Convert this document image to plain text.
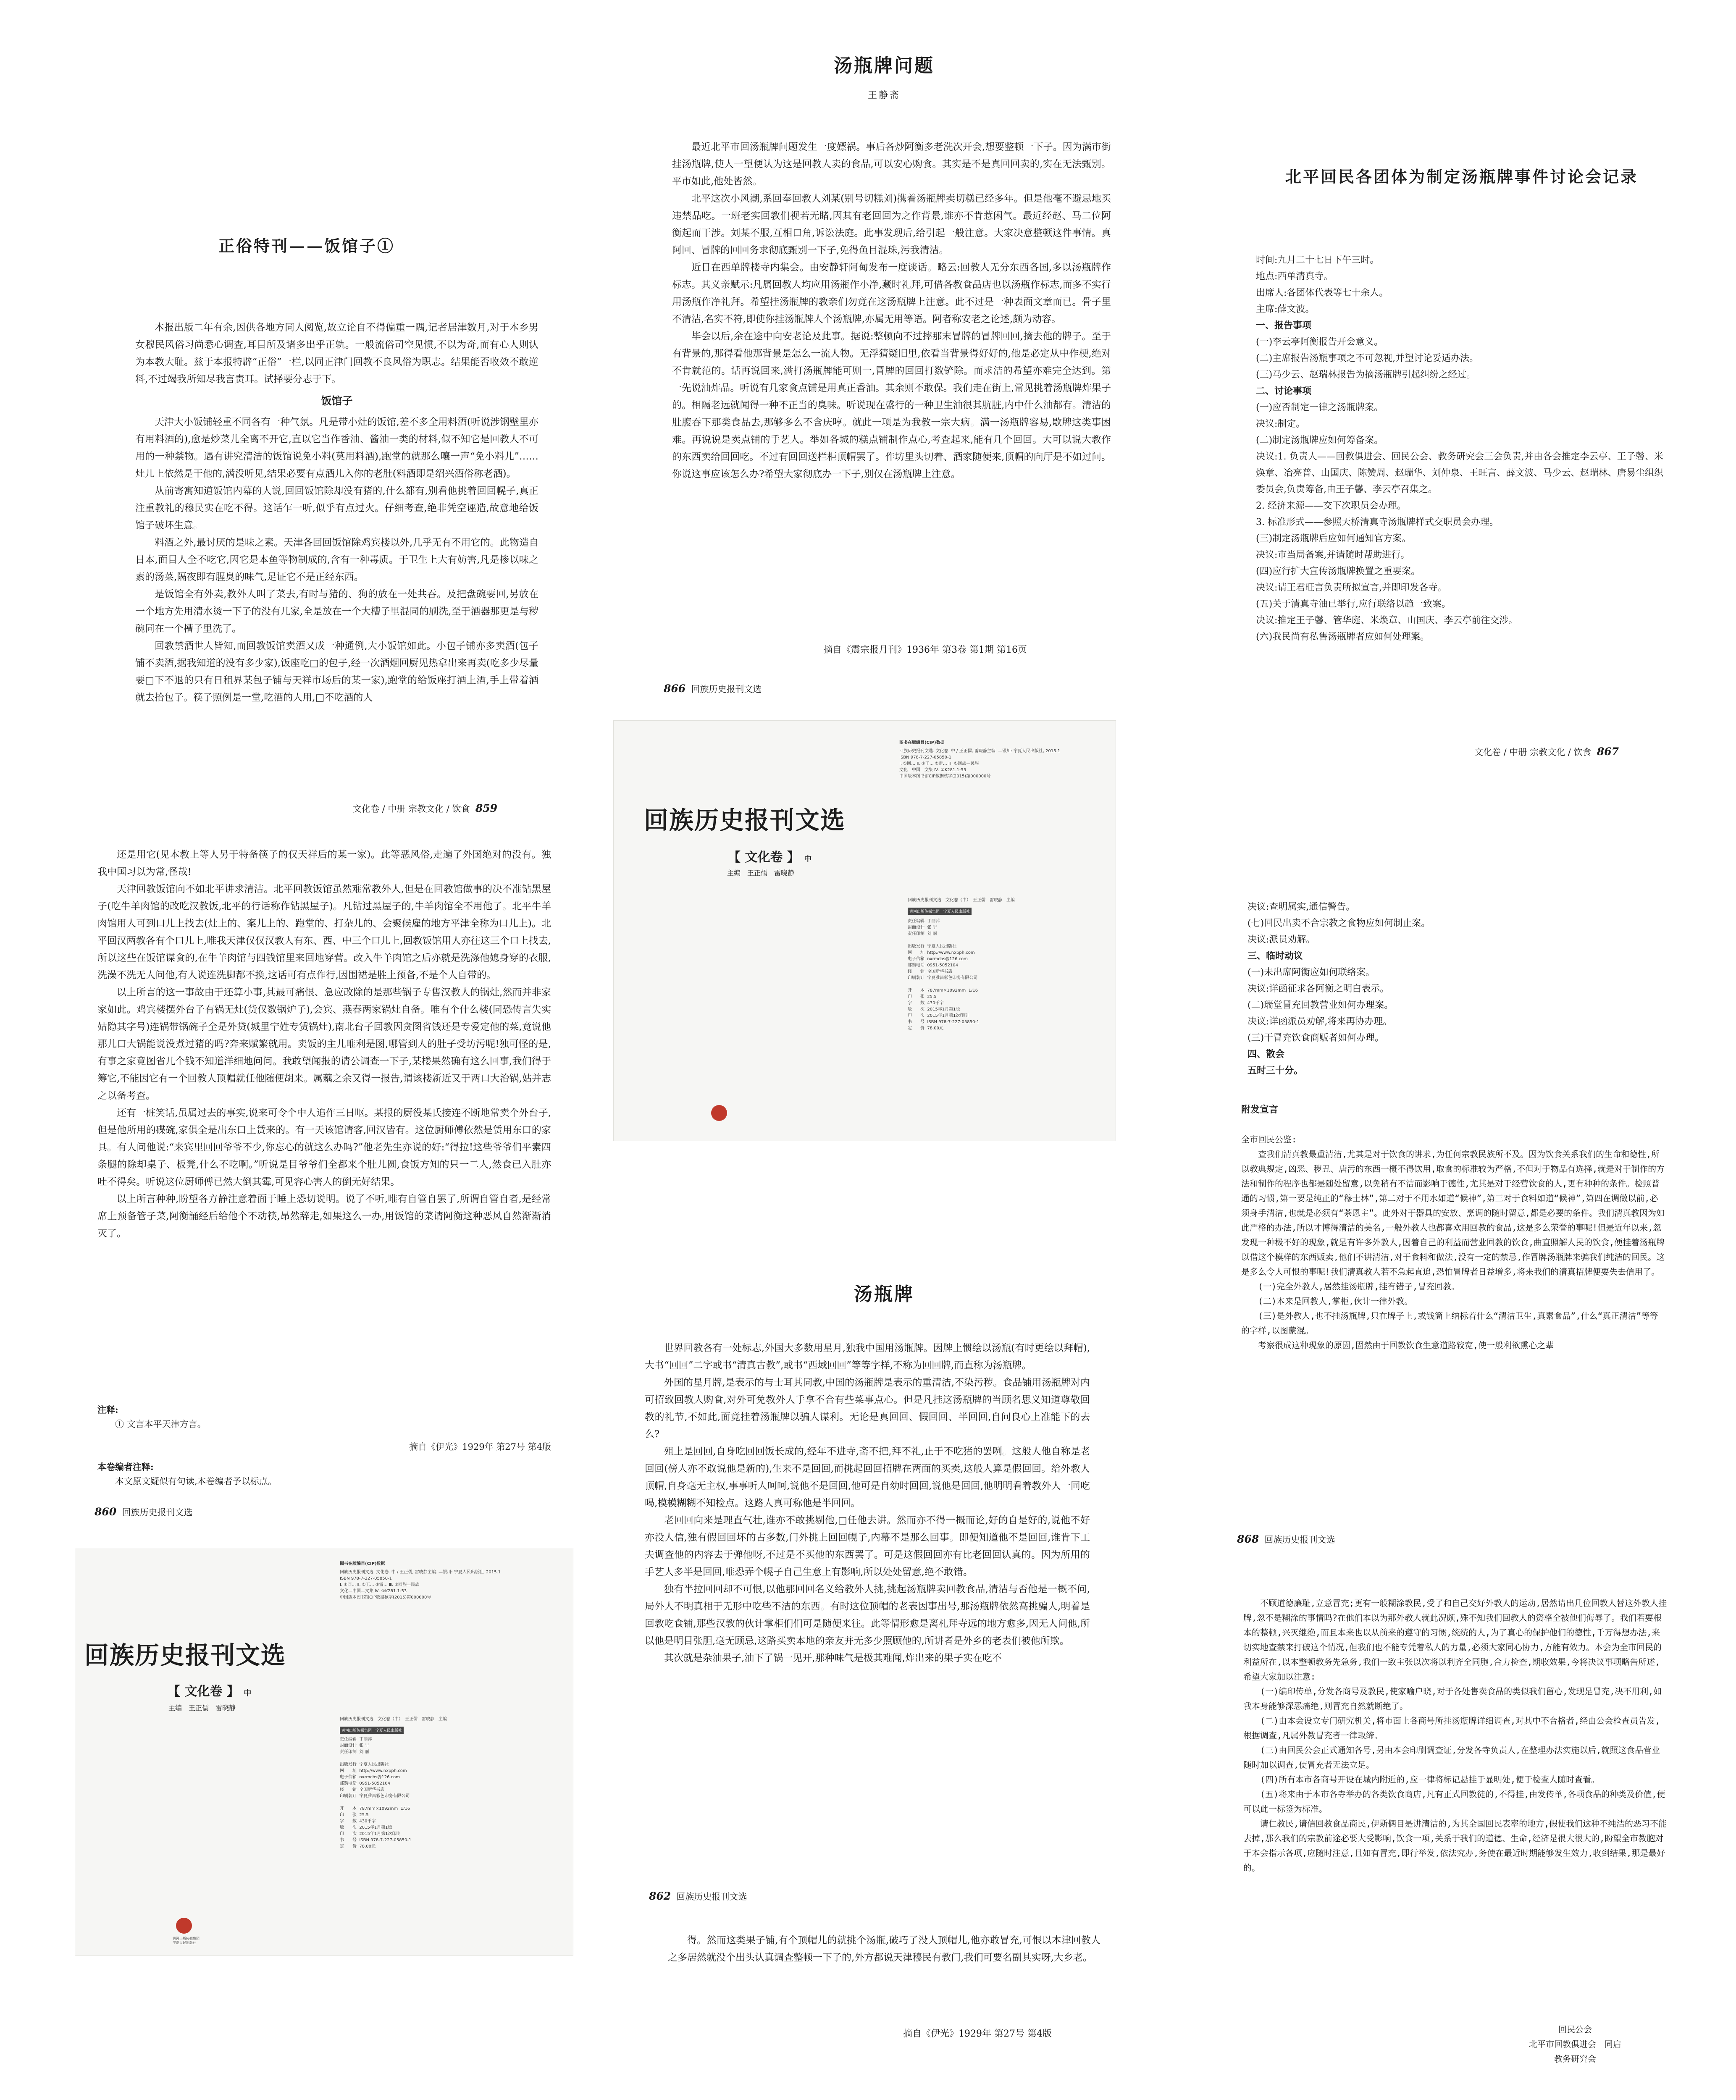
正俗特刊——饭馆子①

本报出版二年有余,因供各地方同人阅览,故立论自不得偏重一隅,记者居津数月,对于本乡男女穆民风俗习尚悉心调查,耳目所及诸多出乎正轨。一般流俗司空见惯,不以为奇,而有心人则认为本教大耻。兹于本报特辟“正俗”一栏,以同正津门回教不良风俗为职志。结果能否收效不敢逆料,不过竭我所知尽我言责耳。试择要分志于下。

饭馆子

天津大小饭铺轻重不同各有一种气氛。凡是带小灶的饭馆,差不多全用料酒(听说涉钢壁里亦有用料酒的),愈是炒菜儿全离不开它,直以它当作香油、酱油一类的材料,似不知它是回教人不可用的一种禁物。遇有讲究清洁的饭馆说免小料(莫用料酒),跑堂的就那么嚷一声“免小料儿”……灶儿上依然是干他的,满没听见,结果必要有点酒儿入你的老肚(料酒即是绍兴酒俗称老酒)。

从前寄寓知道饭馆内幕的人说,回回饭馆除却没有猪的,什么都有,别看他挑着回回幌子,真正注重教礼的穆民实在吃不得。这话乍一听,似乎有点过火。仔细考查,绝非凭空诬造,故意地给饭馆子破坏生意。

料酒之外,最讨厌的是味之素。天津各回回饭馆除鸡宾楼以外,几乎无有不用它的。此物造自日本,面目人全不吃它,因它是本鱼等物制成的,含有一种毒质。于卫生上大有妨害,凡是掺以味之素的汤菜,隔夜即有腥臭的味气,足证它不是正经东西。

是饭馆全有外卖,教外人叫了菜去,有时与猪的、狗的放在一处共吞。及把盘碗要回,另放在一个地方先用清水烫一下子的没有几家,全是放在一个大槽子里混同的刷洗,至于酒器那更是与秽碗同在一个槽子里洗了。

回教禁酒世人皆知,而回教饭馆卖酒又成一种通例,大小饭馆如此。小包子铺亦多卖酒(包子铺不卖酒,据我知道的没有多少家),饭座吃□的包子,经一次酒烟回厨见热拿出来再卖(吃多少尽量要□下不退的只有日租界某包子铺与天祥市场后的某一家),跑堂的给饭座打酒上酒,手上带着酒就去拾包子。筷子照例是一堂,吃酒的人用,□不吃酒的人

文化卷 / 中册 宗教文化 / 饮食 859

还是用它(见本教上等人另于特备筷子的仅天祥后的某一家)。此等恶风俗,走遍了外国绝对的没有。独我中国习以为常,怪哉!

天津回教饭馆向不如北平讲求清洁。北平回教饭馆虽然难常教外人,但是在回教馆做事的决不准钻黑屋子(吃牛羊肉馆的改吃汉教饭,北平的行话称作钻黑屋子)。凡钻过黑屋子的,牛羊肉馆全不用他了。北平牛羊肉馆用人可到口儿上找去(灶上的、案儿上的、跑堂的、打杂儿的、会聚候雇的地方平津全称为口儿上)。北平回汉两教各有个口儿上,唯我天津仅仅汉教人有东、西、中三个口儿上,回教饭馆用人亦往这三个口上找去,所以这些在饭馆谋食的,在牛羊肉馆与四钱馆里来回地穿营。改入牛羊肉馆之后亦就是洗涤他媳身穿的衣服,洗澡不洗无人问他,有人说连洗脚都不换,这话可有点作行,因围裙是胜上预备,不是个人自带的。

以上所言的这一事故由于还算小事,其最可痛恨、急应改除的是那些锅子专售汉教人的锅灶,然而并非家家如此。鸡宾楼摆外台子有锅无灶(货仅数锅炉子),会宾、燕春两家锅灶自备。唯有个什么楼(同恐传言失实姑隐其字号)连锅带锅碗子全是外贷(城里宁姓专赁锅灶),南北台子回教因贪图省钱还是专爱定他的菜,竟说他那儿口大锅能说没煮过猪的吗?奔来赋繁就用。卖饭的主儿唯利是图,哪管到人的肚子受坊污呢!独可怪的是,有事之家竟图省几个钱不知道洋细地问问。我敢望闻报的请公调查一下子,某楼果然确有这么回事,我们得于筹它,不能因它有一个回教人顶帽就任他随便胡来。属藕之余又得一报告,谓该楼新近又于两口大治锅,姑并志之以备考查。

还有一桩笑话,虽属过去的事实,说来可令个中人追作三日呕。某报的厨役某氏接连不断地常卖个外台子,但是他所用的碟碗,家俱全是出东口上赁来的。有一天该馆请客,回汉皆有。这位厨师傅依然是赁用东口的家具。有人问他说:“来宾里回回爷爷不少,你忘心的就这么办吗?”他老先生亦说的好:“得拉!这些爷爷们平素四条腿的除却桌子、板凳,什么不吃啊。”听说是目爷爷们全都来个肚儿圆,食饭方知的只一二人,然食已入肚亦吐不得矣。听说这位厨师傅已然大倒其霉,可见容心害人的倒无好结果。

以上所言种种,盼望各方静注意着面于睡上恐切说明。说了不听,唯有自管自罢了,所谓自管自者,是经常席上预备管子菜,阿衡誦经后给他个不动筷,昂然辞走,如果这么一办,用饭馆的菜请阿衡这种恶风自然渐渐消灭了。

注释:
① 文言本平天津方言。
摘自《伊光》1929年 第27号 第4版
本卷编者注释:
本文原文疑似有句读,本卷编者予以标点。
860 回族历史报刊文选
回族历史报刊文选
【 文化卷 】 中
主编　王正儒　雷晓静
图书在版编目(CIP)数据
回族历史报刊文选. 文化卷. 中 / 王正儒, 雷晓静主编. —银川: 宁夏人民出版社, 2015.1
ISBN 978-7-227-05850-1
Ⅰ. ①回… Ⅱ. ①王… ②雷… Ⅲ. ①回族—民族
文化—中国—文集 Ⅳ. ①K281.1-53
中国版本图书馆CIP数据核字(2015)第000000号
回族历史报刊文选　文化卷（中）　王正儒　雷晓静　主编
黄河出版传媒集团　宁夏人民出版社
责任编辑  丁丽萍
封面设计  张 宁
责任印制  刘 丽

出版发行  宁夏人民出版社
网　　址  http://www.nxpph.com
电子信箱  nxrmcbs@126.com
邮购电话  0951-5052104
经　　销  全国新华书店
印刷装订  宁夏雅昌彩色印务有限公司

开　　本  787mm×1092mm  1/16
印　　张  25.5
字　　数  430千字
版　　次  2015年1月第1版
印　　次  2015年1月第1次印刷
书　　号  ISBN 978-7-227-05850-1
定　　价  78.00元
黄河出版传媒集团
宁夏人民出版社
汤瓶牌问题
王静斋

最近北平市回汤瓶牌问题发生一度嫖祸。事后各炒阿衡多老洗次开会,想要整顿一下子。因为满市街挂汤瓶牌,使人一望便认为这是回教人卖的食品,可以安心购食。其实是不是真回回卖的,实在无法甄别。平市如此,他处皆然。

北平这次小风潮,系回奉回教人刘某(别号切糕刘)携着汤瓶牌卖切糕已经多年。但是他毫不避忌地买违禁品吃。一班老实回教们视若无睹,因其有老回回为之作背景,谁亦不肯惹闲气。最近经赵、马二位阿衡起而干涉。刘某不服,互相口角,诉讼法庭。此事发现后,给引起一般注意。大家决意整顿这件事情。真阿回、冒牌的回回务求彻底甄别一下子,免得鱼目混珠,污我清洁。

近日在西单牌楼寺内集会。由安静轩阿甸发布一度谈话。略云:回教人无分东西各国,多以汤瓶牌作标志。其义亲赋示:凡属回教人均应用汤瓶作小净,藏时礼拜,可借各教食品店也以汤瓶作标志,而多不实行用汤瓶作净礼拜。希望挂汤瓶牌的教亲们勿竟在这汤瓶牌上注意。此不过是一种表面文章而已。骨子里不清洁,名实不符,即使你挂汤瓶牌人个汤瓶牌,亦属无用等语。阿者称安老之论述,颇为动容。

毕会以后,余在途中向安老论及此事。据说:整顿向不过摔那末冒牌的冒牌回回,摘去他的牌子。至于有背景的,那得看他那背景是怎么一流人物。无浮猜疑旧里,依看当背景得好好的,他是必定从中作梗,绝对不肯就范的。话再说回来,满打汤瓶牌能可则一,冒牌的回回打数铲除。而求洁的希望亦难完全达到。第一先说油炸品。听说有几家食点铺是用真正香油。其余则不敢保。我们走在街上,常见挑着汤瓶牌炸果子的。相隔老远就闻得一种不正当的臭味。听说现在盛行的一种卫生油很其肮脏,内中什么油都有。清洁的肚腹吞下那类食品去,那够多么不含庆哼。就此一项是为我教一宗大病。满一汤瓶牌容易,歇牌这类事困难。再说说是卖点铺的手艺人。举如各城的糕点铺制作点心,考查起来,能有几个回回。大可以说大教作的东西卖给回回吃。不过有回回送栏柜顶帽罢了。作坊里头切着、酒家随便来,顶帽的向厅是不如过问。你说这事应该怎么办?希望大家彻底办一下子,别仅在汤瓶牌上注意。

摘自《震宗报月刊》1936年 第3卷 第1期 第16页
866 回族历史报刊文选
回族历史报刊文选
【 文化卷 】 中
主编　王正儒　雷晓静
图书在版编目(CIP)数据
回族历史报刊文选. 文化卷. 中 / 王正儒, 雷晓静主编. —银川: 宁夏人民出版社, 2015.1
ISBN 978-7-227-05850-1
Ⅰ. ①回… Ⅱ. ①王… ②雷… Ⅲ. ①回族—民族
文化—中国—文集 Ⅳ. ①K281.1-53
中国版本图书馆CIP数据核字(2015)第000000号
回族历史报刊文选　文化卷（中）　王正儒　雷晓静　主编
黄河出版传媒集团　宁夏人民出版社
责任编辑  丁丽萍
封面设计  张 宁
责任印制  刘 丽

出版发行  宁夏人民出版社
网　　址  http://www.nxpph.com
电子信箱  nxrmcbs@126.com
邮购电话  0951-5052104
经　　销  全国新华书店
印刷装订  宁夏雅昌彩色印务有限公司

开　　本  787mm×1092mm  1/16
印　　张  25.5
字　　数  430千字
版　　次  2015年1月第1版
印　　次  2015年1月第1次印刷
书　　号  ISBN 978-7-227-05850-1
定　　价  78.00元
汤瓶牌

世界回教各有一处标志,外国大多数用星月,独我中国用汤瓶牌。因牌上惯绘以汤瓶(有时更绘以拜帽),大书“回回”二字或书“清真古教”,或书“西域回回”等等字样,不称为回回牌,而直称为汤瓶牌。

外国的星月牌,是表示的与士耳其同教,中国的汤瓶牌是表示的重清洁,不染污秽。食品铺用汤瓶牌对内可招致回教人购食,对外可免教外人手拿不合有些菜事点心。但是凡挂这汤瓶牌的当顾名思义知道尊敬回教的礼节,不如此,面竟挂着汤瓶牌以骗人谋利。无论是真回回、假回回、半回回,自问良心上准能下的去么?

殂上是回回,自身吃回回饭长成的,经年不进寺,斋不把,拜不礼,止于不吃猪的罢咧。这般人他自称是老回回(傍人亦不敢说他是新的),生来不是回回,而挑起回回招牌在两面的买卖,这般人算是假回回。给外教人顶帽,自身毫无主权,事事听人呵呵,说他不是回回,他可是自幼时回回,说他是回回,他明明看着教外人一同吃喝,模模糊糊不知检点。这路人真可称他是半回回。

老回回向来是理直气壮,谁亦不敢挑剔他,□任他去讲。然而亦不得一概而论,好的自是好的,说他不好亦没人信,独有假回回坏的占多数,门外挑上回回幌子,内幕不是那么回事。即便知道他不是回回,谁肯下工夫调查他的内容去于弹他呀,不过是不买他的东西罢了。可是这假回回亦有比老回回认真的。因为所用的手艺人多半是回回,唯恐弄个幌子自己生意上有影响,所以处处留意,绝不敢错。

独有半拉回回却不可恨,以他那回回名义给教外人挑,挑起汤瓶牌卖回教食品,清洁与否他是一概不问,局外人不明真相于无形中吃些不洁的东西。有时这位顶帽的老表因事出号,那汤瓶牌依然高挑骗人,明着是回教吃食铺,那些汉教的伙计掌柜们们可是随便来往。此等情形愈是离札拜寺远的地方愈多,因无人问他,所以他是明目张胆,毫无顾忌,这路买卖本地的亲友并无多少照顾他的,所讲者是外乡的老表们被他所欺。

其次就是杂油果子,油下了锅一见开,那种味气是极其难闻,炸出来的果子实在吃不

862 回族历史报刊文选

得。然而这类果子铺,有个顶帽儿的就挑个汤瓶,破巧了没人顶帽儿,他亦敢冒充,可恨以本津回教人之多居然就没个出头认真调查整顿一下子的,外方都说天津穆民有教门,我们可要名副其实呀,大乡老。

摘自《伊光》1929年 第27号 第4版
北平回民各团体为制定汤瓶牌事件讨论会记录
时间:九月二十七日下午三时。
地点:西单清真寺。
出席人:各团体代表等七十余人。
主席:薛文波。
一、报告事项
(一)李云亭阿衡报告开会意义。
(二)主席报告汤瓶事项之不可忽视,并望讨论妥适办法。
(三)马少云、赵瑞林报告为摘汤瓶牌引起纠纷之经过。
二、讨论事项
(一)应否制定一律之汤瓶牌案。
决议:制定。
(二)制定汤瓶牌应如何筹备案。
决议:1. 负责人——回教俱进会、回民公会、教务研究会三会负责,并由各会推定李云亭、王子馨、米焕章、冶亮普、山国庆、陈赞周、赵瑞华、刘仲泉、王旺言、薛文波、马少云、赵瑞林、唐易尘组织委员会,负责筹备,由王子馨、李云亭召集之。
2. 经济来源——交下次职员会办理。
3. 标准形式——参照天桥清真寺汤瓶牌样式交职员会办理。
(三)制定汤瓶牌后应如何通知官方案。
决议:市当局备案,并请随时帮助进行。
(四)应行扩大宣传汤瓶牌换置之重要案。
决议:请王君旺言负责所拟宣言,并即印发各寺。
(五)关于清真寺油已举行,应行联络以趋一致案。
决议:推定王子馨、管华庭、米焕章、山国庆、李云亭前往交涉。
(六)我民尚有私售汤瓶牌者应如何处理案。
文化卷 / 中册 宗教文化 / 饮食 867
决议:查明属实,通信警告。
(七)回民出卖不合宗教之食物应如何制止案。
决议:派员劝解。
三、临时动议
(一)未出席阿衡应如何联络案。
决议:详函征求各阿衡之明白表示。
(二)瑞堂冒充回教营业如何办理案。
决议:详函派员劝解,将来再协办理。
(三)干冒充饮食商贩者如何办理。
四、散会
五时三十分。
附发宣言
全市回民公鉴:

查我们清真教最重清洁,尤其是对于饮食的讲求,为任何宗教民族所不及。因为饮食关系我们的生命和德性,所以教典规定,凶恶、秽丑、唐污的东西一概不得饮用,取食的标准较为严格,不但对于物品有选择,就是对于制作的方法和制作的程序也都是随处留意,以免稍有不洁而影响于德性,尤其是对于经营饮食的人,更有种种的条件。检照普通的习惯,第一要是纯正的“穆士林”,第二对于不用水如道“候神”,第三对于食料如道“候神”,第四在调做以前,必须身手清洁,也就是必须有“茶恩主”。此外对于器具的安放、烹调的随时留意,都是必要的条件。我们清真教因为如此严格的办法,所以才博得清洁的美名,一般外教人也都喜欢用回教的食品,这是多么荣誉的事呢!但是近年以来,忽发现一种极不好的现象,就是有许多外教人,因着自己的利益而营业回教的饮食,曲直照解人民的饮食,便挂着汤瓶牌以借这个模样的东西贩卖,他们不讲清洁,对于食料和做法,没有一定的禁忌,作冒牌汤瓶牌来骗我们纯洁的回民。这是多么令人可恨的事呢!我们清真教人若不急起直追,恐怕冒牌者日益增多,将来我们的清真招牌便要失去信用了。

(一)完全外教人,居然挂汤瓶牌,挂有错子,冒充回教。

(二)本来是回教人,掌柜,伙计一律外教。

(三)是外教人,也不挂汤瓶牌,只在牌子上,或钱筒上纳标着什么“清洁卫生,真素食品”,什么“真正清洁”等等的字样,以图蒙混。

考察很成这种现象的原因,固然由于回教饮食生意道路较宽,使一般利欲熏心之辈

868 回族历史报刊文选

不顾道德廉耻,立意冒充;更有一般糊涂教民,受了和自己交好外教人的运动,居然请出几位回教人替这外教人挂牌,忽不是糊涂的事情吗?在他们本以为那外教人就此况颇,殊不知我们回教人的资格全被他们侮辱了。我们若要根本的整顿,兴灭继绝,而且本来也以从前来的遵守的习惯,统统的人,为了真心的保护他们的德性,千万得想办法,来切实地查禁来打破这个情况,但我们也不能专凭着私人的力量,必须大家同心协力,方能有效力。本会为全市回民的利益所在,以本整顿教务先急务,我们一致主张以次将以利齐全同胞,合力检查,期收效果,今将决议事项略告所述,希望大家加以注意:

(一)编印传单,分发各商号及教民,使家喻户晓,对于各处售卖食品的类似我们留心,发现是冒充,决不用利,如我本身能够深恶痛绝,则冒充自然就断绝了。

(二)由本会设立专门研究机关,将市面上各商号所挂汤瓶牌详细调查,对其中不合格者,经由公会检查员告发,根据调查,凡属外教冒充者一律取缔。

(三)由回民公会正式通知各号,另由本会印刷调查证,分发各寺负责人,在整理办法实施以后,就照这食品营业随时加以调查,使冒充者无法立足。

(四)所有本市各商号开设在城内附近的,应一律将标记悬挂于显明处,便于检查人随时查看。

(五)将来由于本市各寺举办的各类饮食商店,凡有正式回教徒的,不得挂,由发传单,各项食品的种类及价值,便可以此一标签为标准。

请仁教民,请信回教食品商民,伊斯俩目是讲清洁的,为其全国回民表率的地方,假使我们这种不纯洁的恶习不能去掉,那么我们的宗教前途必要大受影响,饮食一项,关系于我们的道德、生命,经济是很大很大的,盼望全市教胞对于本会指示各项,应随时注意,且如有冒充,即行举发,依法究办,务使在最近时期能够发生效力,收到结果,那是最好的。

回民公会
北平市回教俱进会　同启
教务研究会
